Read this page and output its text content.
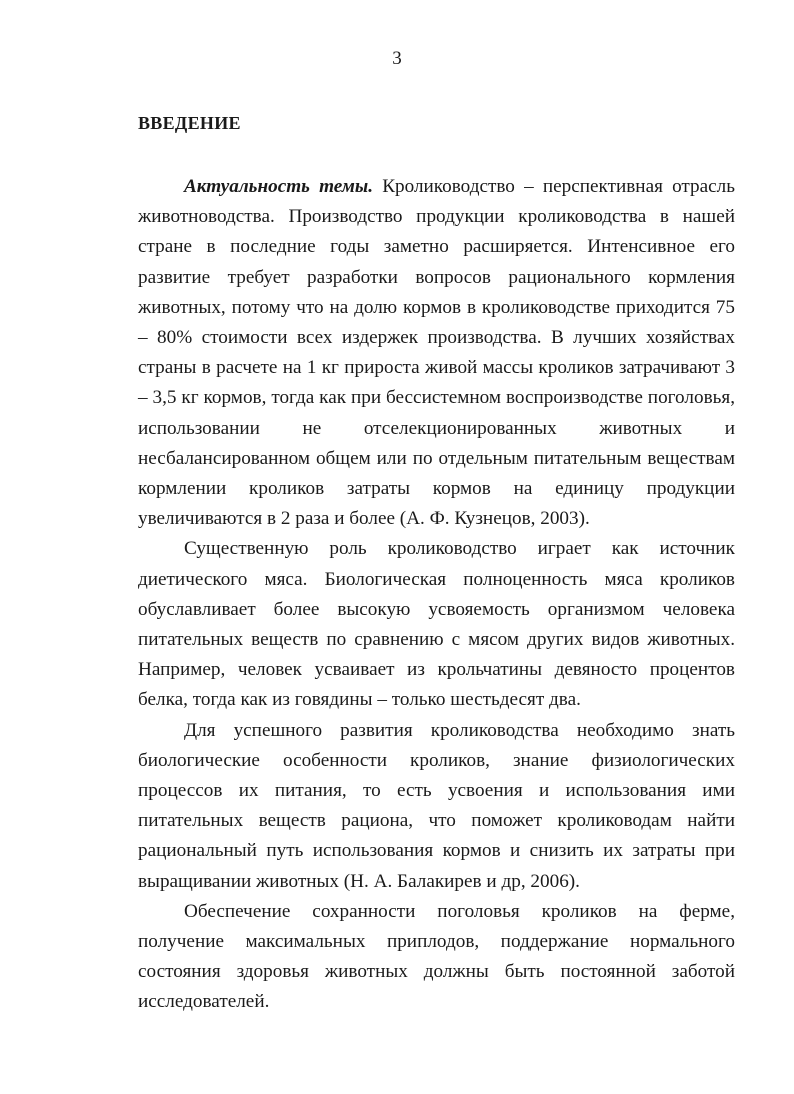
3
ВВЕДЕНИЕ

Актуальность темы. Кролиководство – перспективная отрасль животноводства. Производство продукции кролиководства в нашей стране в последние годы заметно расширяется. Интенсивное его развитие требует разработки вопросов рационального кормления животных, потому что на долю кормов в кролиководстве приходится 75 – 80% стоимости всех издержек производства. В лучших хозяйствах страны в расчете на 1 кг прироста живой массы кроликов затрачивают 3 – 3,5 кг кормов, тогда как при бессистемном воспроизводстве поголовья, использовании не отселекционированных животных и несбалансированном общем или по отдельным питательным веществам кормлении кроликов затраты кормов на единицу продукции увеличиваются в 2 раза и более (А. Ф. Кузнецов, 2003).

Существенную роль кролиководство играет как источник диетического мяса. Биологическая полноценность мяса кроликов обуславливает более высокую усвояемость организмом человека питательных веществ по сравнению с мясом других видов животных. Например, человек усваивает из крольчатины девяносто процентов белка, тогда как из говядины – только шестьдесят два.

Для успешного развития кролиководства необходимо знать биологические особенности кроликов, знание физиологических процессов их питания, то есть усвоения и использования ими питательных веществ рациона, что поможет кролиководам найти рациональный путь использования кормов и снизить их затраты при выращивании животных (Н. А. Балакирев и др, 2006).

Обеспечение сохранности поголовья кроликов на ферме, получение максимальных приплодов, поддержание нормального состояния здоровья животных должны быть постоянной заботой исследователей.
